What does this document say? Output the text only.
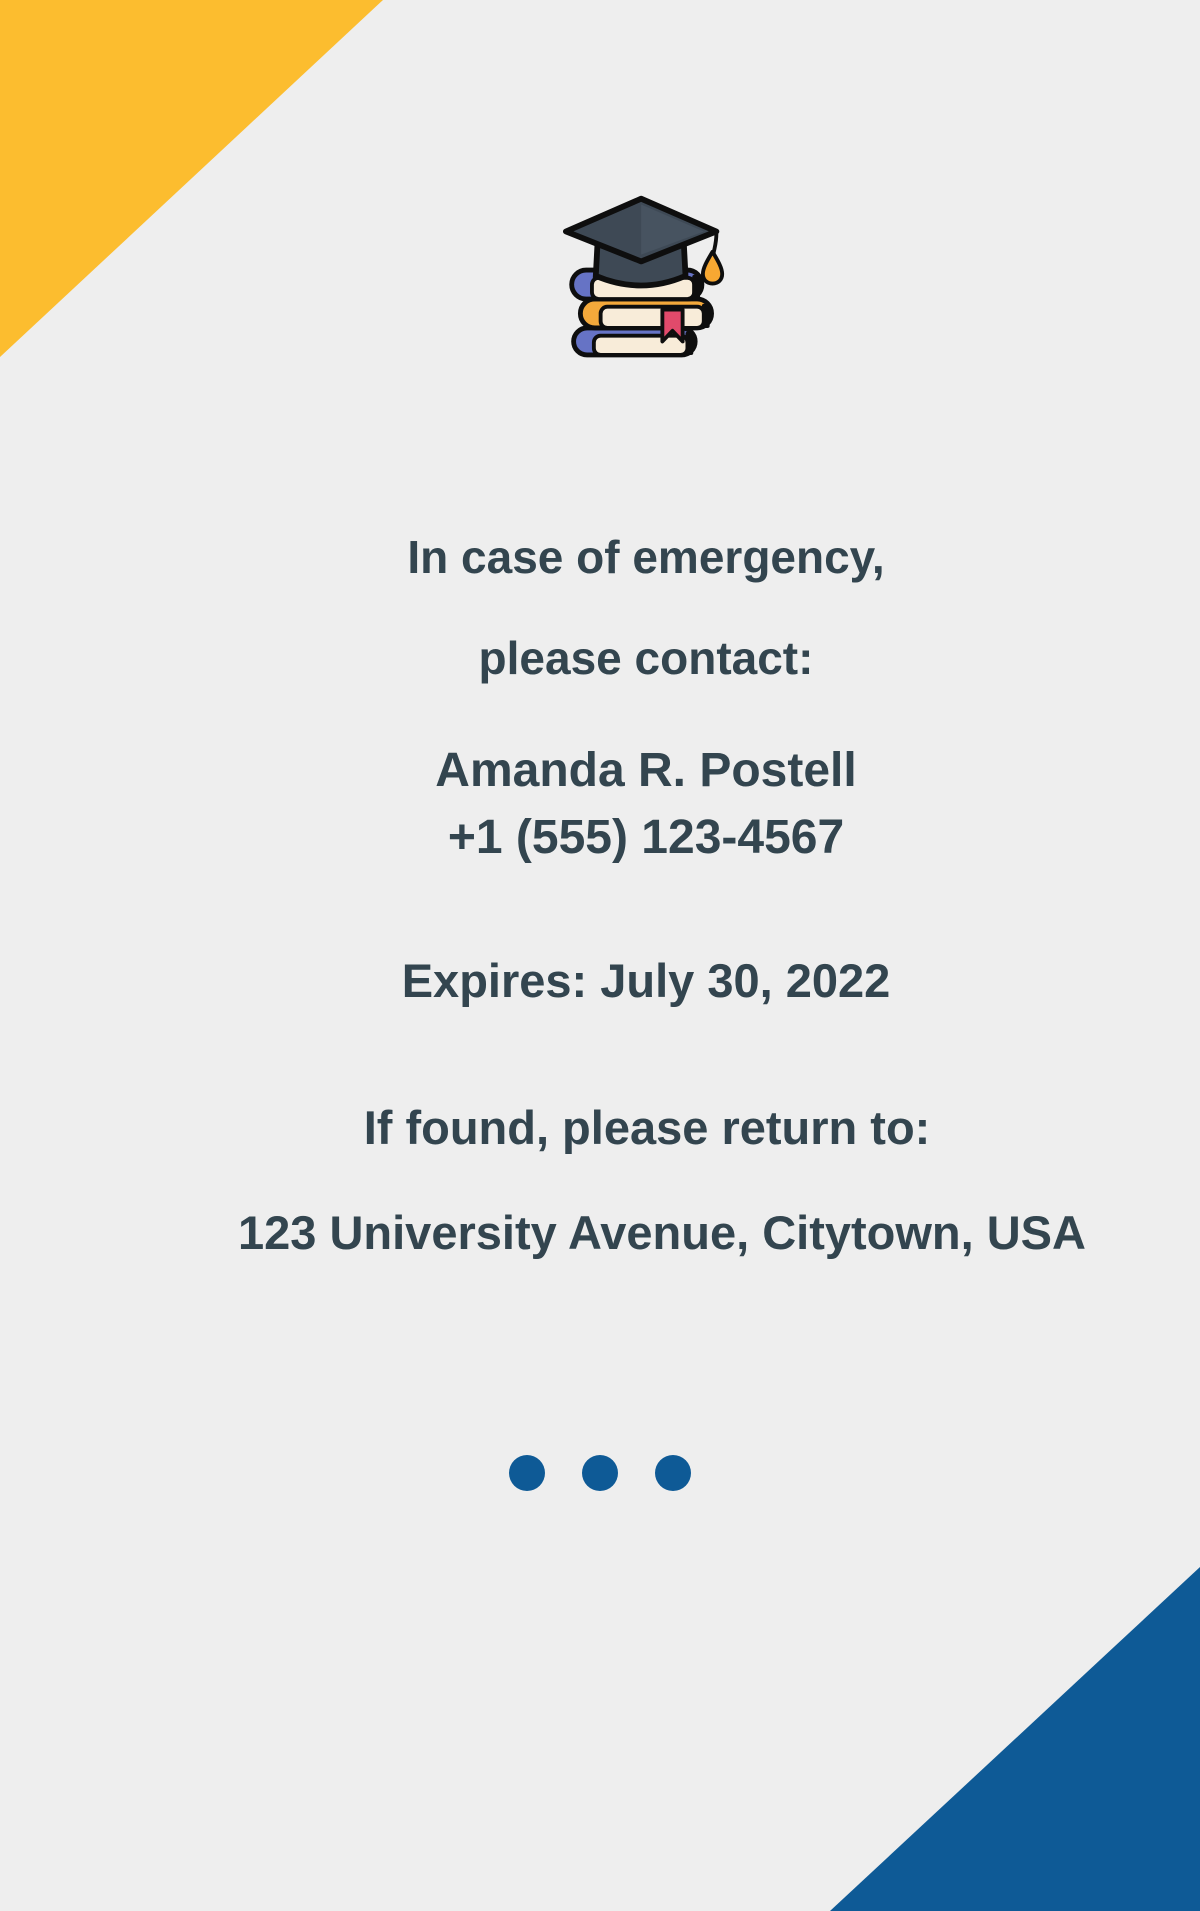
In case of emergency,
please contact:
Amanda R. Postell
+1 (555) 123-4567
Expires: July 30, 2022
If found, please return to:
123 University Avenue, Citytown, USA
